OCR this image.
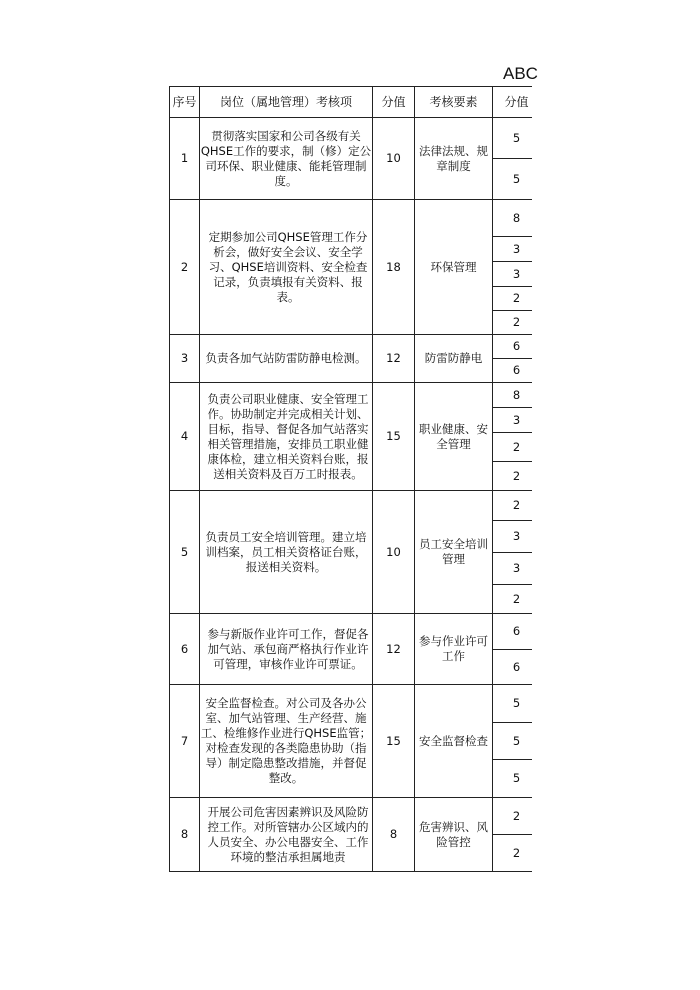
ABC
序号	岗位（属地管理）考核项	分值	考核要素	分值
1	贯彻落实国家和公司各级有关QHSE工作的要求，制（修）定公司环保、职业健康、能耗管理制度。	10	法律法规、规章制度	5
				5
2	定期参加公司QHSE管理工作分析会，做好安全会议、安全学习、QHSE培训资料、安全检查记录，负责填报有关资料、报表。	18	环保管理	8
				3
				3
				2
				2
3	负责各加气站防雷防静电检测。	12	防雷防静电	6
				6
4	负责公司职业健康、安全管理工作。协助制定并完成相关计划、目标，指导、督促各加气站落实相关管理措施，安排员工职业健康体检，建立相关资料台账，报送相关资料及百万工时报表。	15	职业健康、安全管理	8
				3
				2
				2
5	负责员工安全培训管理。建立培训档案，员工相关资格证台账，报送相关资料。	10	员工安全培训管理	2
				3
				3
				2
6	参与新版作业许可工作，督促各加气站、承包商严格执行作业许可管理，审核作业许可票证。	12	参与作业许可工作	6
				6
7	安全监督检查。对公司及各办公室、加气站管理、生产经营、施工、检维修作业进行QHSE监管；对检查发现的各类隐患协助（指导）制定隐患整改措施，并督促整改。	15	安全监督检查	5
				5
				5
8	开展公司危害因素辨识及风险防控工作。对所管辖办公区域内的人员安全、办公电器安全、工作环境的整洁承担属地责	8	危害辨识、风险管控	2
				2
